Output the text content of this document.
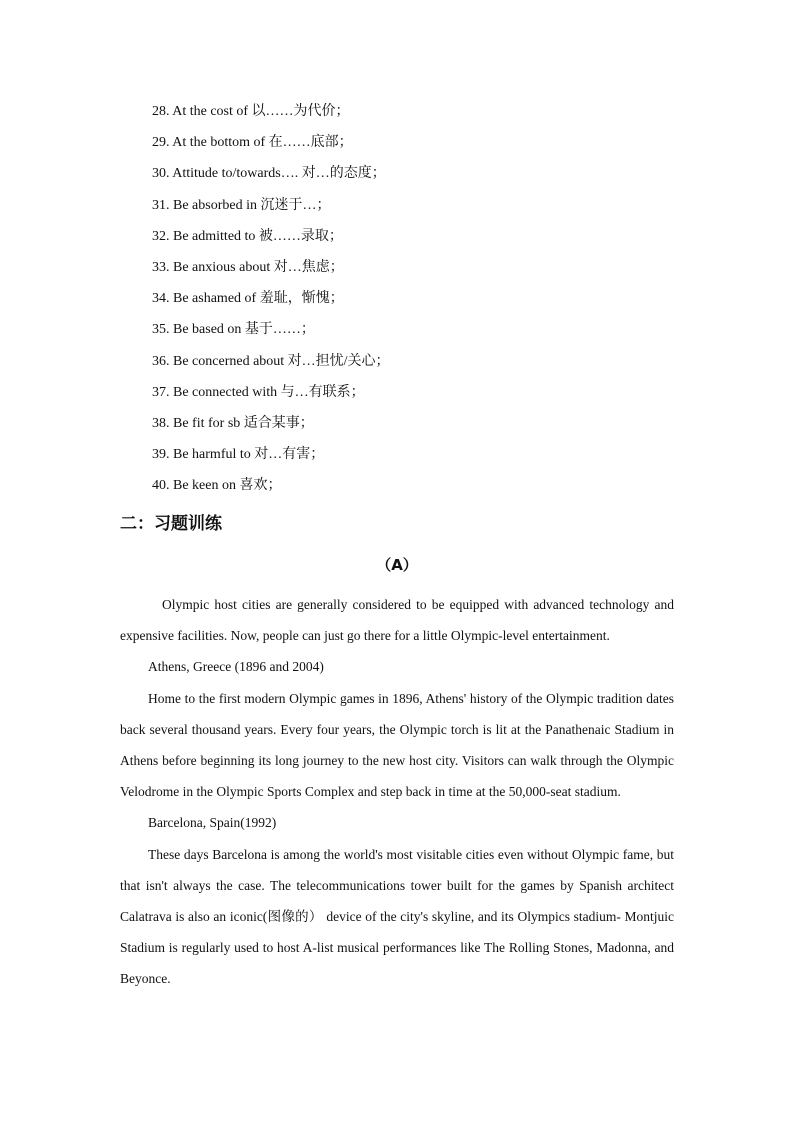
28. At the cost of 以……为代价；
29. At the bottom of 在……底部；
30. Attitude to/towards…. 对…的态度；
31. Be absorbed in 沉迷于…；
32. Be admitted to 被……录取；
33. Be anxious about 对…焦虑；
34. Be ashamed of 羞耻，惭愧；
35. Be based on 基于……；
36. Be concerned about 对…担忧/关心；
37. Be connected with 与…有联系；
38. Be fit for sb 适合某事；
39. Be harmful to 对…有害；
40. Be keen on 喜欢；
二：习题训练
（A）

Olympic host cities are generally considered to be equipped with advanced technology and expensive facilities. Now, people can just go there for a little Olympic-level entertainment.

Athens, Greece (1896 and 2004)

Home to the first modern Olympic games in 1896, Athens' history of the Olympic tradition dates back several thousand years. Every four years, the Olympic torch is lit at the Panathenaic Stadium in Athens before beginning its long journey to the new host city. Visitors can walk through the Olympic Velodrome in the Olympic Sports Complex and step back in time at the 50,000-seat stadium.

Barcelona, Spain(1992)

These days Barcelona is among the world's most visitable cities even without Olympic fame, but that isn't always the case. The telecommunications tower built for the games by Spanish architect Calatrava is also an iconic(图像的） device of the city's skyline, and its Olympics stadium- Montjuic Stadium is regularly used to host A-list musical performances like The Rolling Stones, Madonna, and Beyonce.
